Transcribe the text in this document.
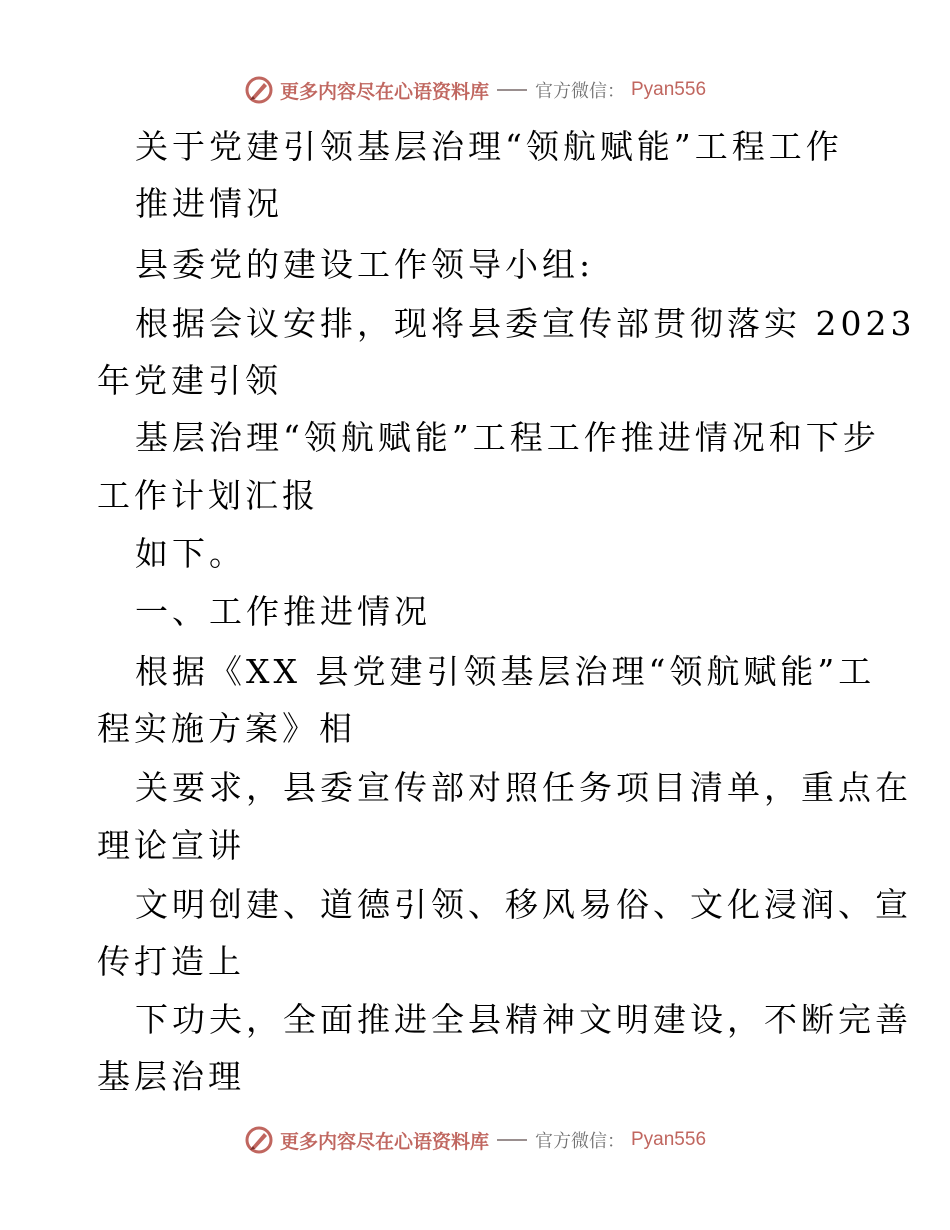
更多内容尽在心语资料库	官方微信： Pyan556
关于党建引领基层治理“领航赋能”工程工作
推进情况
县委党的建设工作领导小组:
根据会议安排，现将县委宣传部贯彻落实 2023
年党建引领
基层治理“领航赋能”工程工作推进情况和下步
工作计划汇报
如下。
一、工作推进情况
根据《XX 县党建引领基层治理“领航赋能”工
程实施方案》相
关要求，县委宣传部对照任务项目清单，重点在
理论宣讲
文明创建、道德引领、移风易俗、文化浸润、宣
传打造上
下功夫，全面推进全县精神文明建设，不断完善
基层治理
更多内容尽在心语资料库	官方微信： Pyan556
